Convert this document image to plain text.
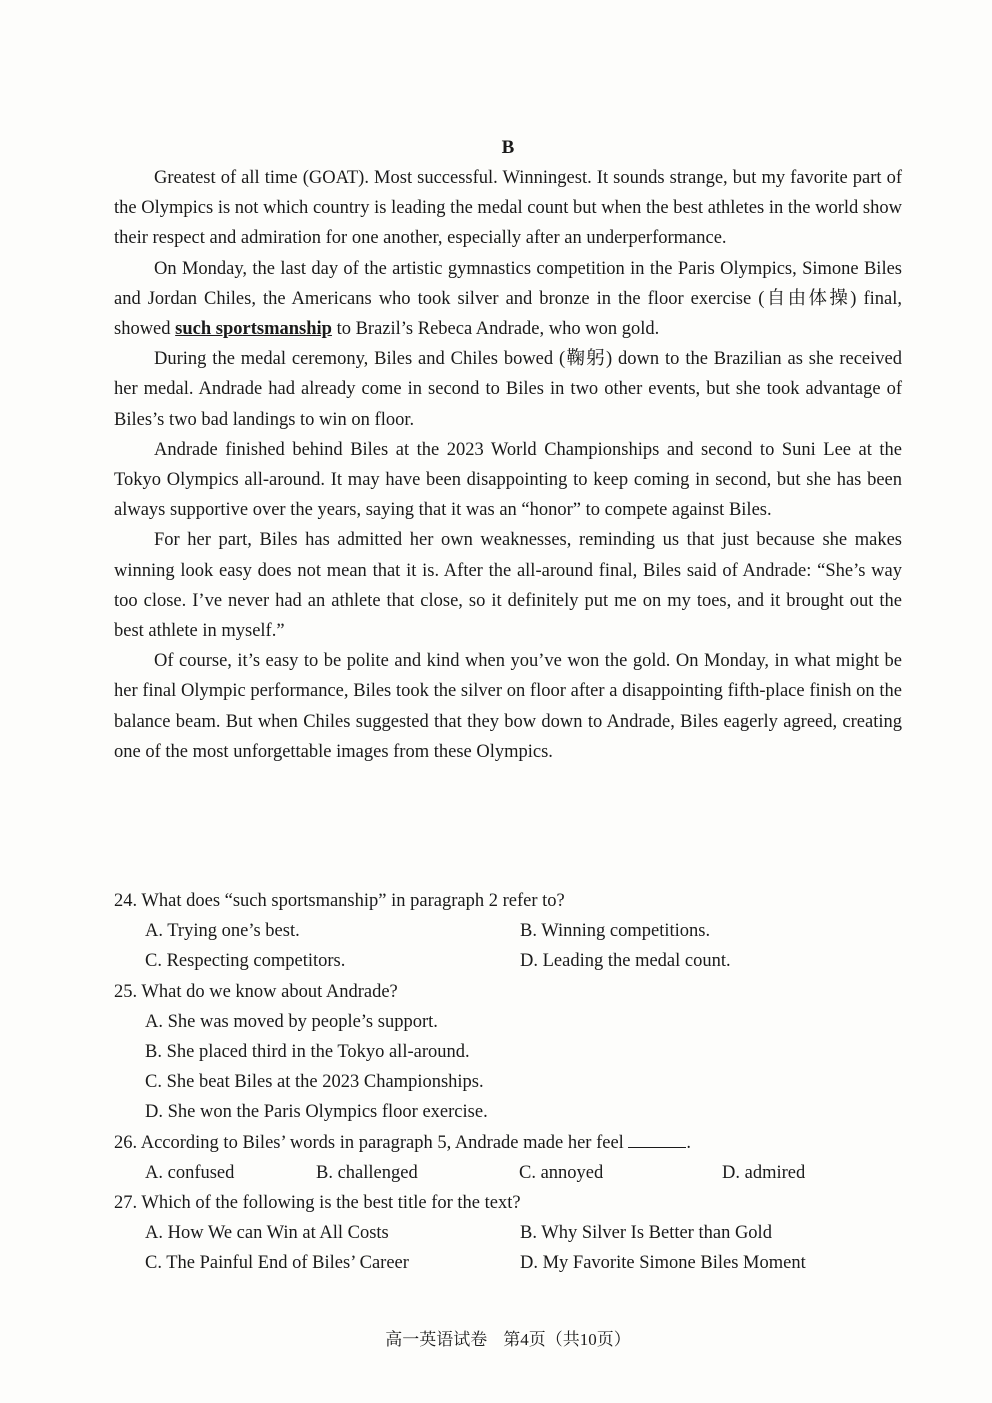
B

Greatest of all time (GOAT). Most successful. Winningest. It sounds strange, but my favorite part of the Olympics is not which country is leading the medal count but when the best athletes in the world show their respect and admiration for one another, especially after an underperformance.

On Monday, the last day of the artistic gymnastics competition in the Paris Olympics, Simone Biles and Jordan Chiles, the Americans who took silver and bronze in the floor exercise (自由体操) final, showed such sportsmanship to Brazil’s Rebeca Andrade, who won gold.

During the medal ceremony, Biles and Chiles bowed (鞠躬) down to the Brazilian as she received her medal. Andrade had already come in second to Biles in two other events, but she took advantage of Biles’s two bad landings to win on floor.

Andrade finished behind Biles at the 2023 World Championships and second to Suni Lee at the Tokyo Olympics all-around. It may have been disappointing to keep coming in second, but she has been always supportive over the years, saying that it was an “honor” to compete against Biles.

For her part, Biles has admitted her own weaknesses, reminding us that just because she makes winning look easy does not mean that it is. After the all-around final, Biles said of Andrade: “She’s way too close. I’ve never had an athlete that close, so it definitely put me on my toes, and it brought out the best athlete in myself.”

Of course, it’s easy to be polite and kind when you’ve won the gold. On Monday, in what might be her final Olympic performance, Biles took the silver on floor after a disappointing fifth-place finish on the balance beam. But when Chiles suggested that they bow down to Andrade, Biles eagerly agreed, creating one of the most unforgettable images from these Olympics.

24. What does “such sportsmanship” in paragraph 2 refer to?

A. Trying one’s best.	B. Winning competitions.
C. Respecting competitors.	D. Leading the medal count.

25. What do we know about Andrade?

A. She was moved by people’s support.
B. She placed third in the Tokyo all-around.
C. She beat Biles at the 2023 Championships.
D. She won the Paris Olympics floor exercise.

26. According to Biles’ words in paragraph 5, Andrade made her feel	.

A. confused	B. challenged	C. annoyed	D. admired

27. Which of the following is the best title for the text?

A. How We can Win at All Costs	B. Why Silver Is Better than Gold
C. The Painful End of Biles’ Career	D. My Favorite Simone Biles Moment
高一英语试卷 第4页（共10页）
